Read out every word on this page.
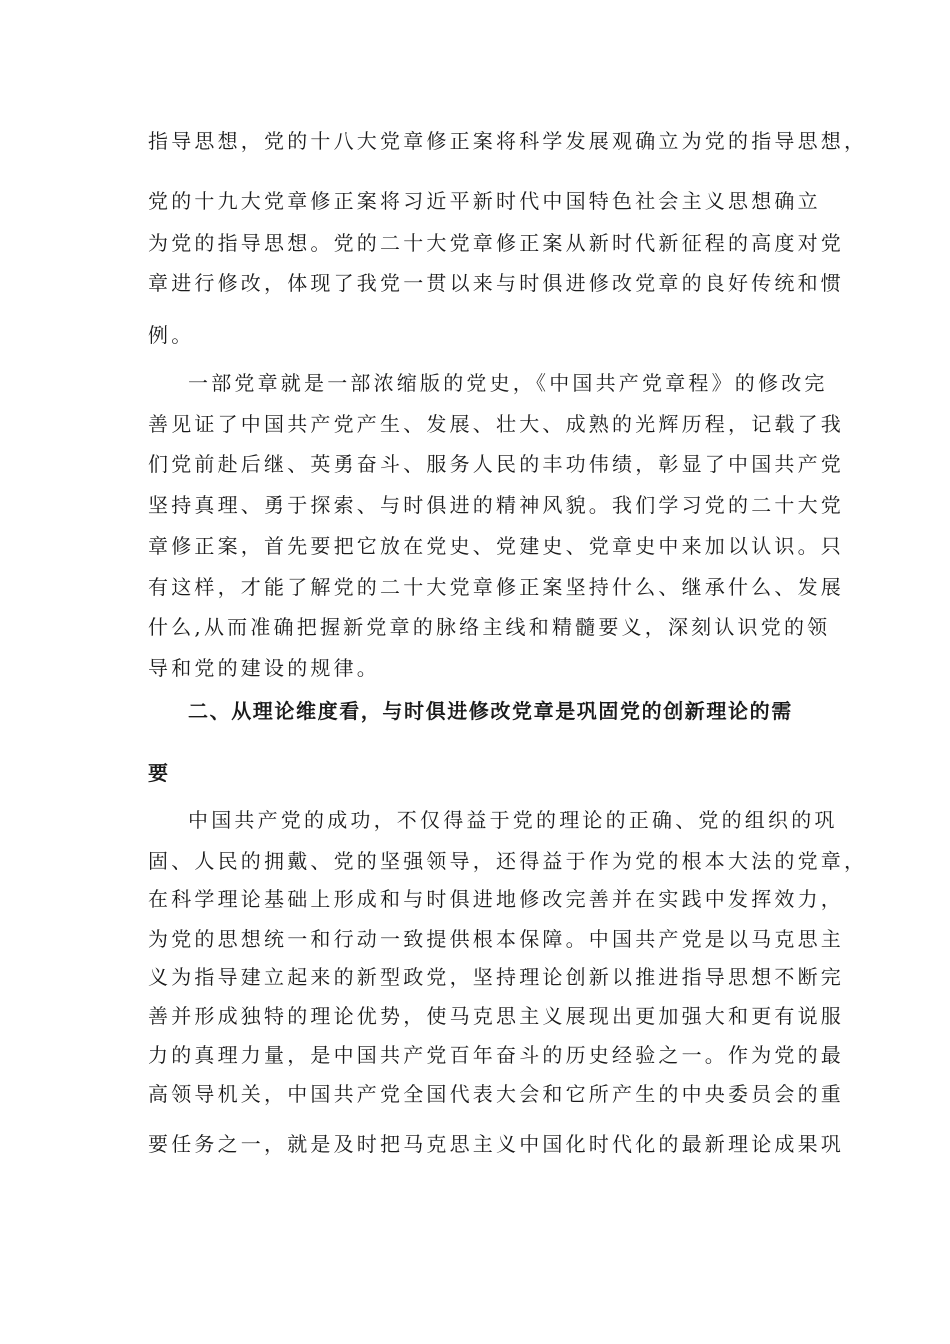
指导思想，党的十八大党章修正案将科学发展观确立为党的指导思想，
党的十九大党章修正案将习近平新时代中国特色社会主义思想确立
为党的指导思想。党的二十大党章修正案从新时代新征程的高度对党
章进行修改，体现了我党一贯以来与时俱进修改党章的良好传统和惯
例。
一部党章就是一部浓缩版的党史，《中国共产党章程》的修改完
善见证了中国共产党产生、发展、壮大、成熟的光辉历程，记载了我
们党前赴后继、英勇奋斗、服务人民的丰功伟绩，彰显了中国共产党
坚持真理、勇于探索、与时俱进的精神风貌。我们学习党的二十大党
章修正案，首先要把它放在党史、党建史、党章史中来加以认识。只
有这样，才能了解党的二十大党章修正案坚持什么、继承什么、发展
什么,从而准确把握新党章的脉络主线和精髓要义，深刻认识党的领
导和党的建设的规律。
二、从理论维度看，与时俱进修改党章是巩固党的创新理论的需
要
中国共产党的成功，不仅得益于党的理论的正确、党的组织的巩
固、人民的拥戴、党的坚强领导，还得益于作为党的根本大法的党章，
在科学理论基础上形成和与时俱进地修改完善并在实践中发挥效力，
为党的思想统一和行动一致提供根本保障。中国共产党是以马克思主
义为指导建立起来的新型政党，坚持理论创新以推进指导思想不断完
善并形成独特的理论优势，使马克思主义展现出更加强大和更有说服
力的真理力量，是中国共产党百年奋斗的历史经验之一。作为党的最
高领导机关，中国共产党全国代表大会和它所产生的中央委员会的重
要任务之一，就是及时把马克思主义中国化时代化的最新理论成果巩
